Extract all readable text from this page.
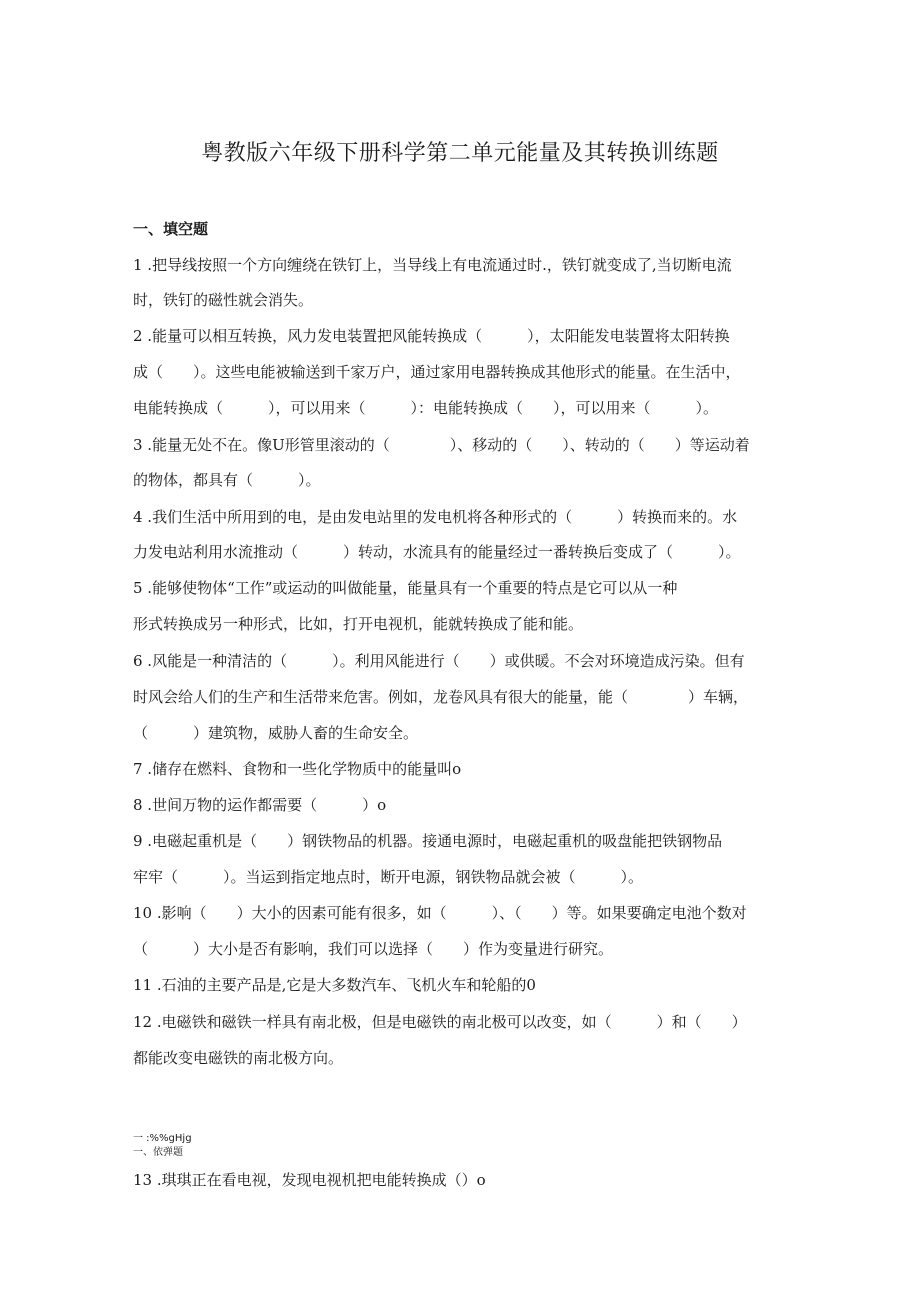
粤教版六年级下册科学第二单元能量及其转换训练题
一、填空题
1 .把导线按照一个方向缠绕在铁钉上，当导线上有电流通过时.，铁钉就变成了,当切断电流
时，铁钉的磁性就会消失。
2 .能量可以相互转换，风力发电装置把风能转换成（　　　），太阳能发电装置将太阳转换
成（　　）。这些电能被输送到千家万户，通过家用电器转换成其他形式的能量。在生活中，
电能转换成（　　　），可以用来（　　　）：电能转换成（　　），可以用来（　　　）。
3 .能量无处不在。像U形管里滚动的（　　　　）、移动的（　　）、转动的（　　）等运动着
的物体，都具有（　　　）。
4 .我们生活中所用到的电，是由发电站里的发电机将各种形式的（　　　）转换而来的。水
力发电站利用水流推动（　　　）转动，水流具有的能量经过一番转换后变成了（　　　）。
5 .能够使物体“工作”或运动的叫做能量，能量具有一个重要的特点是它可以从一种
形式转换成另一种形式，比如，打开电视机，能就转换成了能和能。
6 .风能是一种清洁的（　　　）。利用风能进行（　　）或供暖。不会对环境造成污染。但有
时风会给人们的生产和生活带来危害。例如，龙卷风具有很大的能量，能（　　　　）车辆，
（　　　）建筑物，威胁人畜的生命安全。
7 .储存在燃料、食物和一些化学物质中的能量叫o
8 .世间万物的运作都需要（　　　）o
9 .电磁起重机是（　　）钢铁物品的机器。接通电源时，电磁起重机的吸盘能把铁钢物品
牢牢（　　　）。当运到指定地点时，断开电源，钢铁物品就会被（　　　）。
10 .影响（　　）大小的因素可能有很多，如（　　　）、（　　）等。如果要确定电池个数对
（　　　）大小是否有影响，我们可以选择（　　）作为变量进行研究。
11 .石油的主要产品是,它是大多数汽车、飞机火车和轮船的0
12 .电磁铁和磁铁一样具有南北极，但是电磁铁的南北极可以改变，如（　　　）和（　　）
都能改变电磁铁的南北极方向。
一 :%%gHjg
一、依弹题
13 .琪琪正在看电视，发现电视机把电能转换成（）o
